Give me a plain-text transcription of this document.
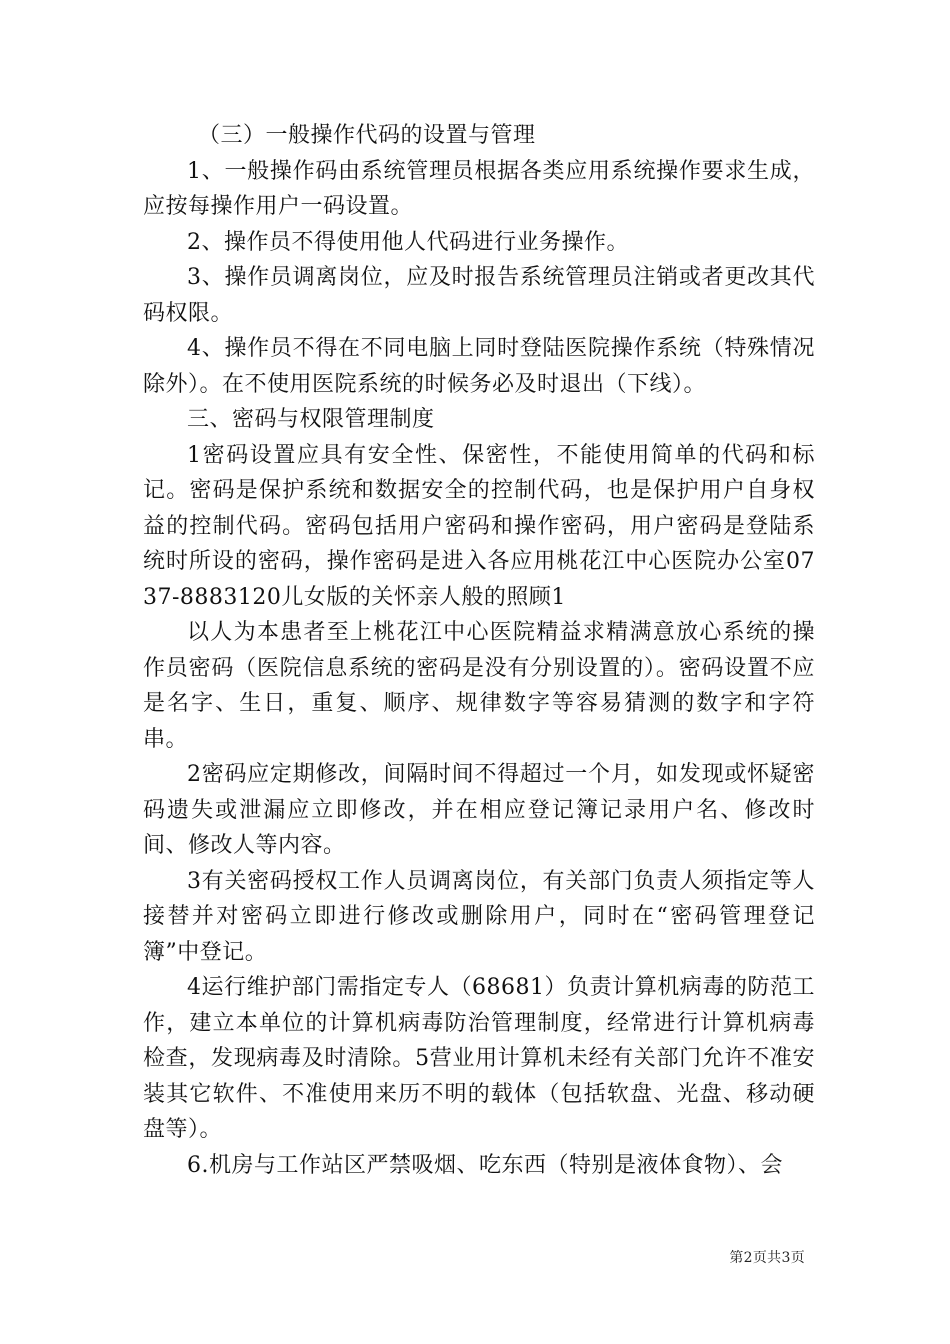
（三）一般操作代码的设置与管理

1、一般操作码由系统管理员根据各类应用系统操作要求生成，应按每操作用户一码设置。

2、操作员不得使用他人代码进行业务操作。

3、操作员调离岗位，应及时报告系统管理员注销或者更改其代码权限。

4、操作员不得在不同电脑上同时登陆医院操作系统（特殊情况除外）。在不使用医院系统的时候务必及时退出（下线）。

三、密码与权限管理制度

1密码设置应具有安全性、保密性，不能使用简单的代码和标记。密码是保护系统和数据安全的控制代码，也是保护用户自身权益的控制代码。密码包括用户密码和操作密码，用户密码是登陆系统时所设的密码，操作密码是进入各应用桃花江中心医院办公室0737-8883120儿女版的关怀亲人般的照顾1

以人为本患者至上桃花江中心医院精益求精满意放心系统的操作员密码（医院信息系统的密码是没有分别设置的）。密码设置不应是名字、生日，重复、顺序、规律数字等容易猜测的数字和字符串。

2密码应定期修改，间隔时间不得超过一个月，如发现或怀疑密码遗失或泄漏应立即修改，并在相应登记簿记录用户名、修改时间、修改人等内容。

3有关密码授权工作人员调离岗位，有关部门负责人须指定等人接替并对密码立即进行修改或删除用户，同时在“密码管理登记簿”中登记。

4运行维护部门需指定专人（68681）负责计算机病毒的防范工作，建立本单位的计算机病毒防治管理制度，经常进行计算机病毒检查，发现病毒及时清除。5营业用计算机未经有关部门允许不准安装其它软件、不准使用来历不明的载体（包括软盘、光盘、移动硬盘等）。

6.机房与工作站区严禁吸烟、吃东西（特别是液体食物）、会

第2页共3页
